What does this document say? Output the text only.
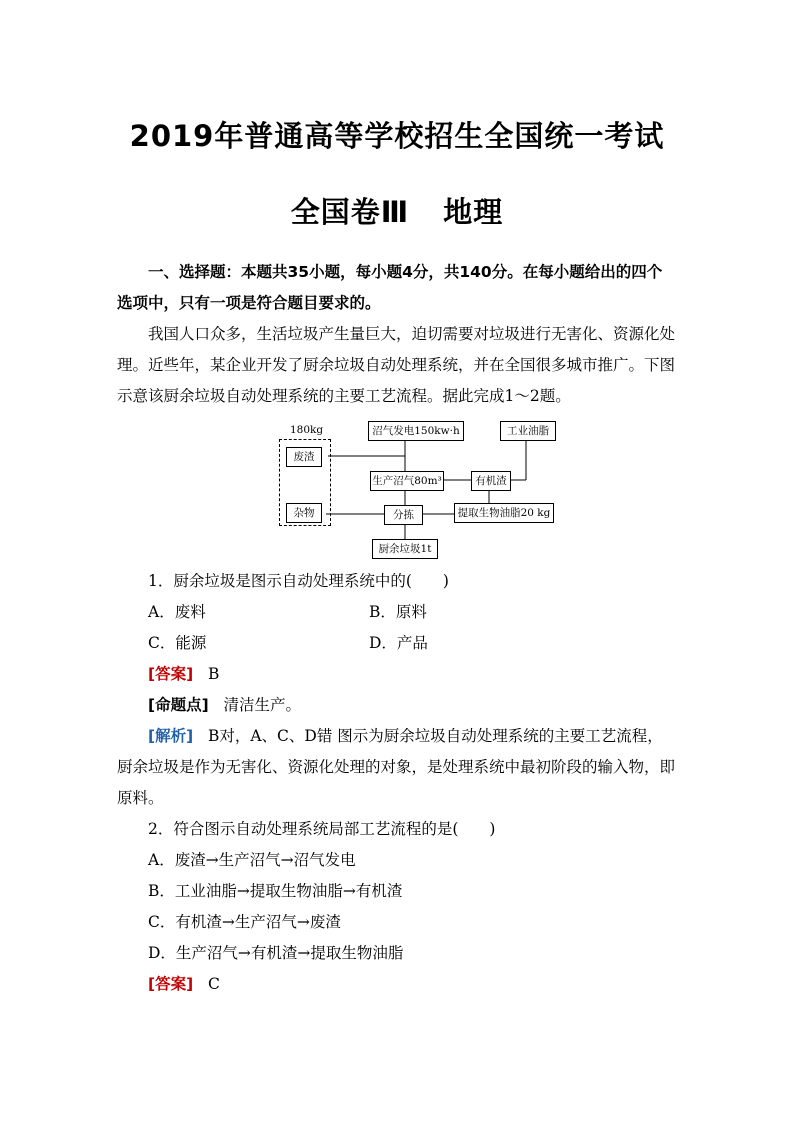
2019年普通高等学校招生全国统一考试
全国卷Ⅲ 地理
一、选择题：本题共35小题，每小题4分，共140分。在每小题给出的四个选项中，只有一项是符合题目要求的。
我国人口众多，生活垃圾产生量巨大，迫切需要对垃圾进行无害化、资源化处理。近些年，某企业开发了厨余垃圾自动处理系统，并在全国很多城市推广。下图示意该厨余垃圾自动处理系统的主要工艺流程。据此完成1～2题。
180kg
废渣
杂物
沼气发电150kw·h
生产沼气80m³	有机渣
工业油脂
分拣	提取生物油脂20 kg
厨余垃圾1t
1．厨余垃圾是图示自动处理系统中的(　　)
A．废料	B．原料
C．能源	D．产品
[答案] B
[命题点] 清洁生产。
[解析] B对，A、C、D错 图示为厨余垃圾自动处理系统的主要工艺流程，
厨余垃圾是作为无害化、资源化处理的对象，是处理系统中最初阶段的输入物，即原料。
2．符合图示自动处理系统局部工艺流程的是(　　)
A．废渣→生产沼气→沼气发电
B．工业油脂→提取生物油脂→有机渣
C．有机渣→生产沼气→废渣
D．生产沼气→有机渣→提取生物油脂
[答案] C
